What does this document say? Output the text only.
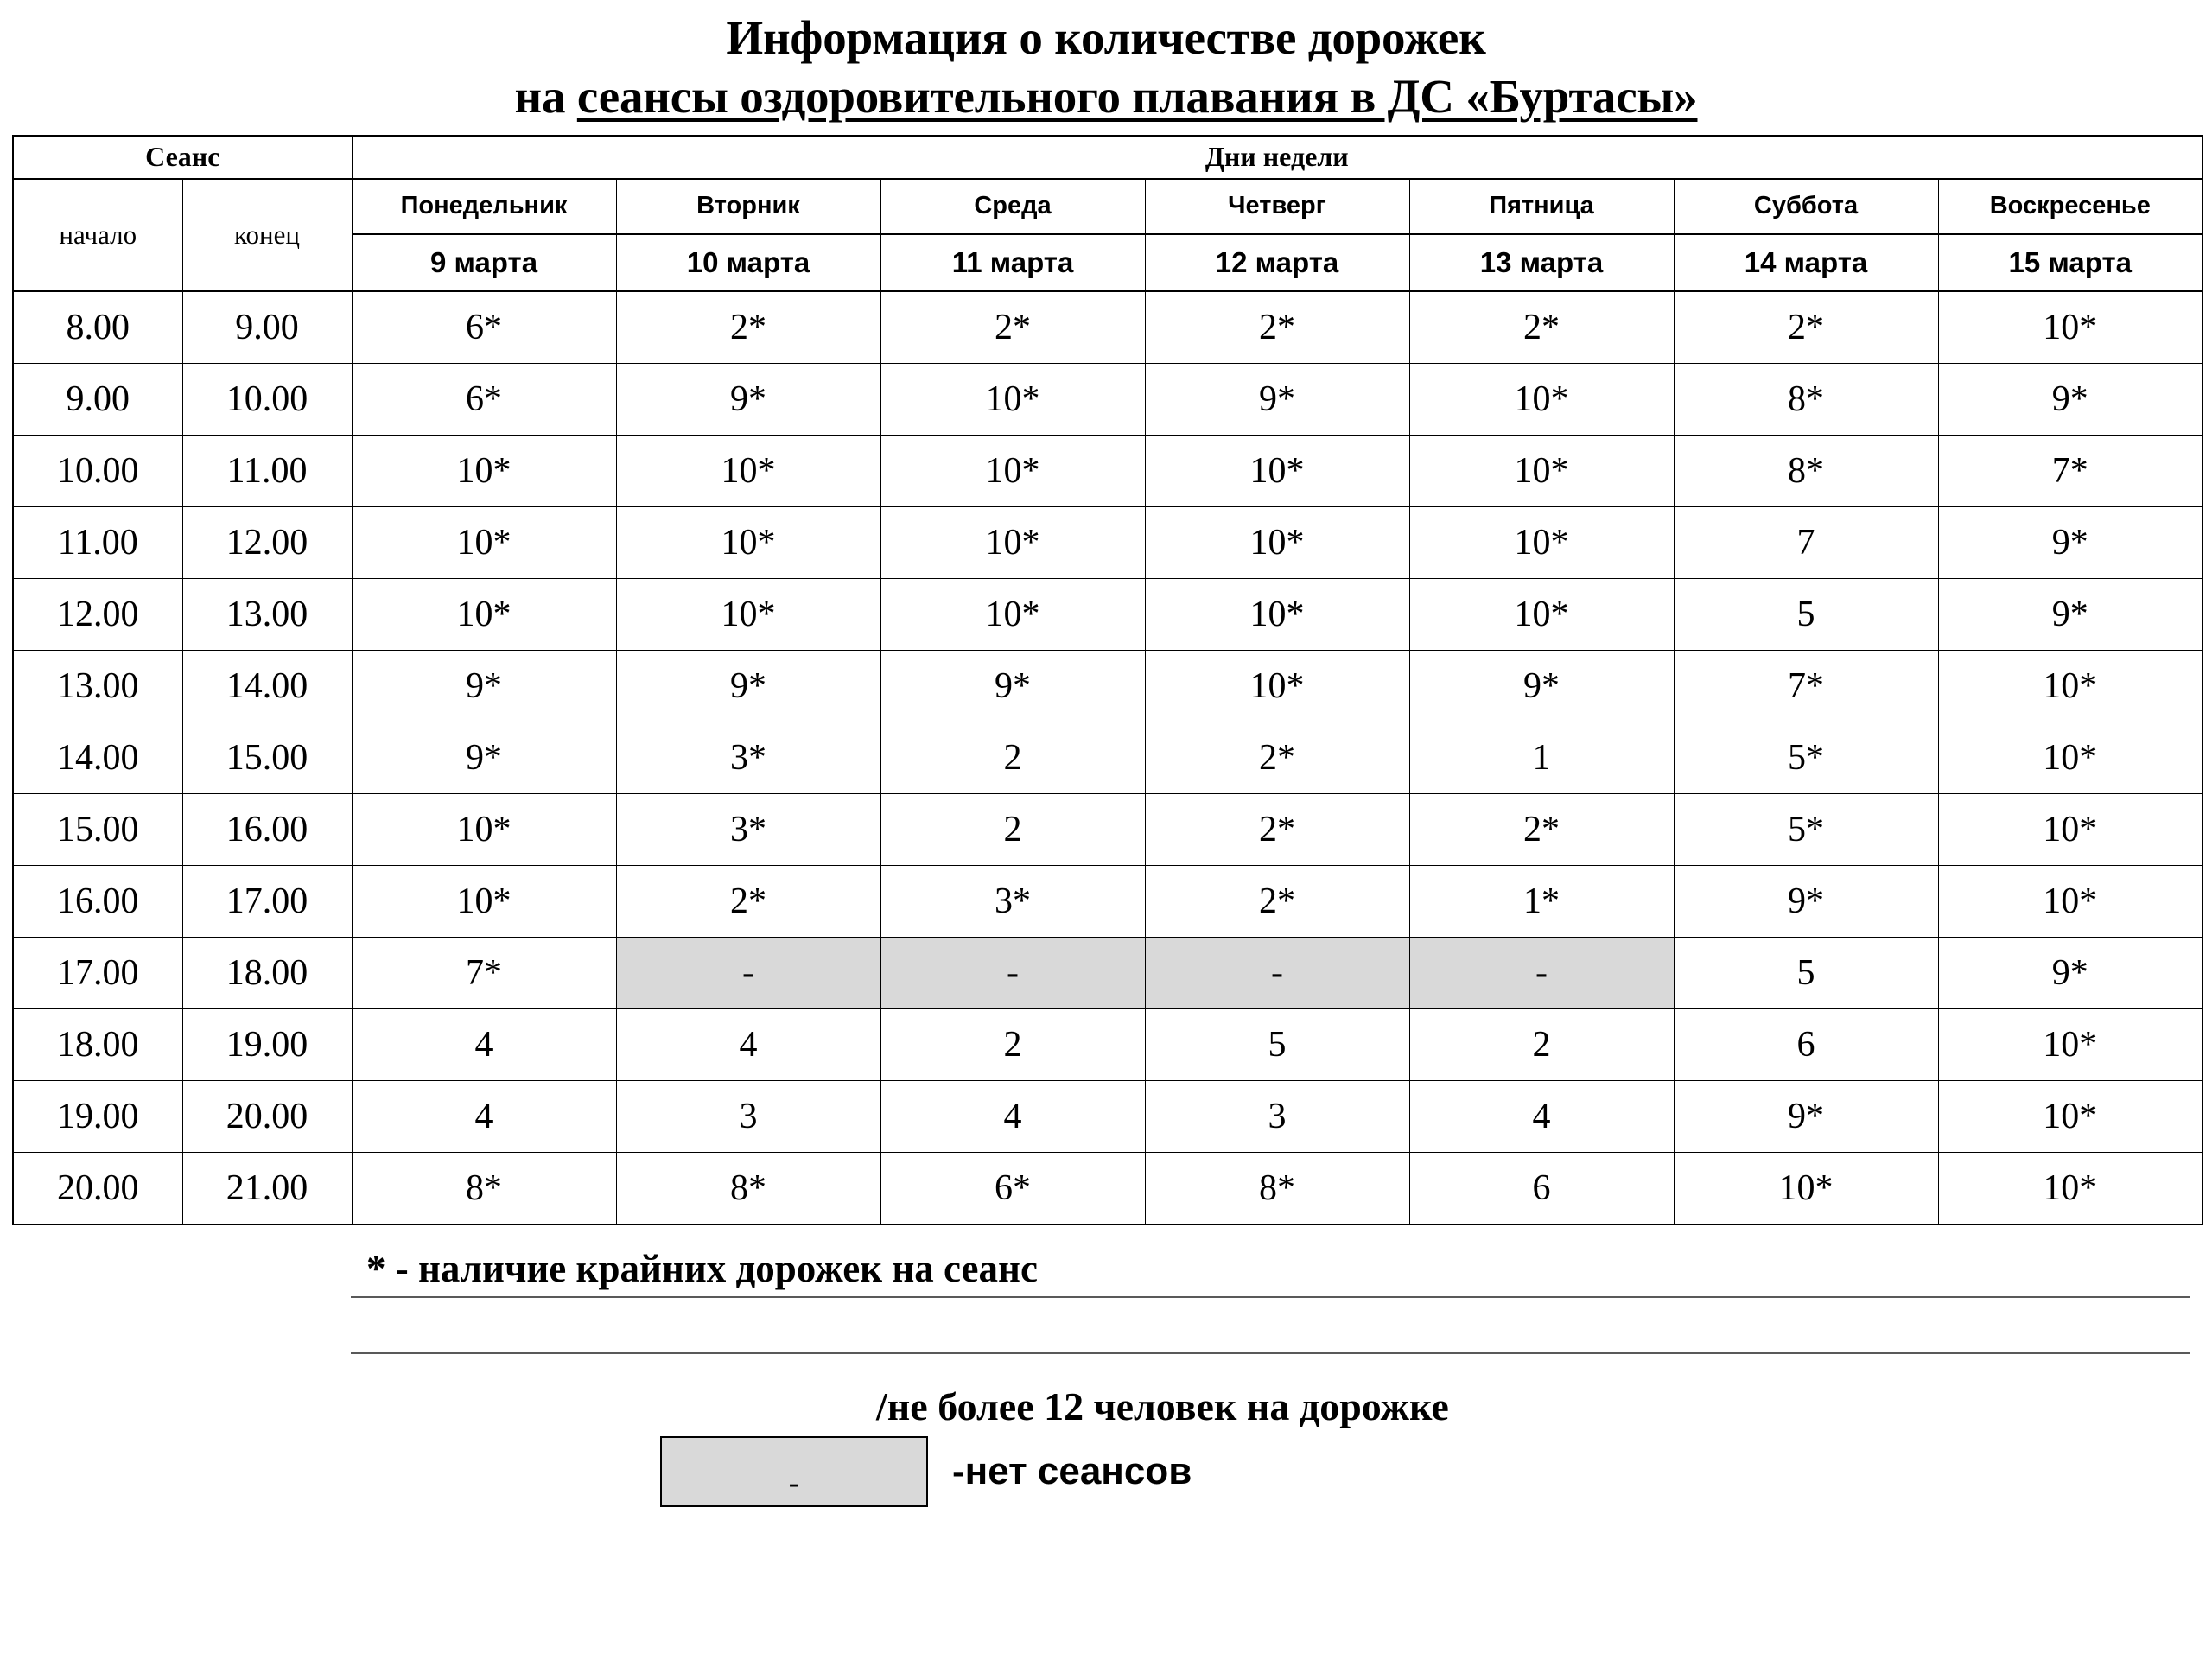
Информация о количестве дорожек
на сеансы оздоровительного плавания в ДС «Буртасы»
Сеанс		Дни недели						
начало	конец	Понедельник	Вторник	Среда	Четверг	Пятница	Суббота	Воскресенье
		9 марта	10 марта	11 марта	12 марта	13 марта	14 марта	15 марта
8.00	9.00	6*	2*	2*	2*	2*	2*	10*
9.00	10.00	6*	9*	10*	9*	10*	8*	9*
10.00	11.00	10*	10*	10*	10*	10*	8*	7*
11.00	12.00	10*	10*	10*	10*	10*	7	9*
12.00	13.00	10*	10*	10*	10*	10*	5	9*
13.00	14.00	9*	9*	9*	10*	9*	7*	10*
14.00	15.00	9*	3*	2	2*	1	5*	10*
15.00	16.00	10*	3*	2	2*	2*	5*	10*
16.00	17.00	10*	2*	3*	2*	1*	9*	10*
17.00	18.00	7*	-	-	-	-	5	9*
18.00	19.00	4	4	2	5	2	6	10*
19.00	20.00	4	3	4	3	4	9*	10*
20.00	21.00	8*	8*	6*	8*	6	10*	10*
* - наличие крайних дорожек на сеанс
/не более 12 человек на дорожке
-	-нет сеансов
